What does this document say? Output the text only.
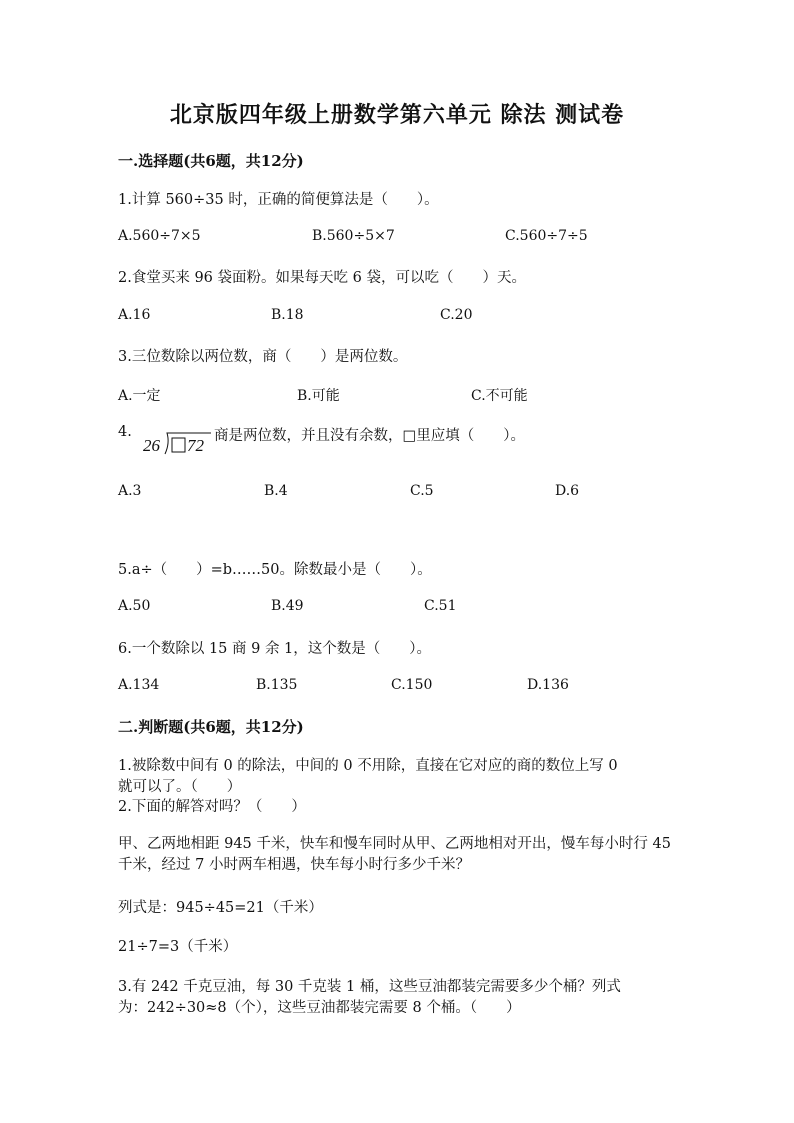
北京版四年级上册数学第六单元 除法 测试卷
一.选择题(共6题，共12分)
1.计算 560÷35 时，正确的简便算法是（　　）。
A.560÷7×5	B.560÷5×7	C.560÷7÷5
2.食堂买来 96 袋面粉。如果每天吃 6 袋，可以吃（　　）天。
A.16	B.18	C.20
3.三位数除以两位数，商（　　）是两位数。
A.一定	B.可能	C.不可能
4.
26 72 商是两位数，并且没有余数，□里应填（　　）。
A.3	B.4	C.5	D.6
5.a÷（　　）=b……50。除数最小是（　　）。
A.50	B.49	C.51
6.一个数除以 15 商 9 余 1，这个数是（　　）。
A.134	B.135	C.150	D.136
二.判断题(共6题，共12分)
1.被除数中间有 0 的除法，中间的 0 不用除，直接在它对应的商的数位上写 0
就可以了。（　　）
2.下面的解答对吗？（　　）
甲、乙两地相距 945 千米，快车和慢车同时从甲、乙两地相对开出，慢车每小时行 45 千米，经过 7 小时两车相遇，快车每小时行多少千米？
列式是：945÷45=21（千米）
21÷7=3（千米）
3.有 242 千克豆油，每 30 千克装 1 桶，这些豆油都装完需要多少个桶？列式
为：242÷30≈8（个），这些豆油都装完需要 8 个桶。（　　）
